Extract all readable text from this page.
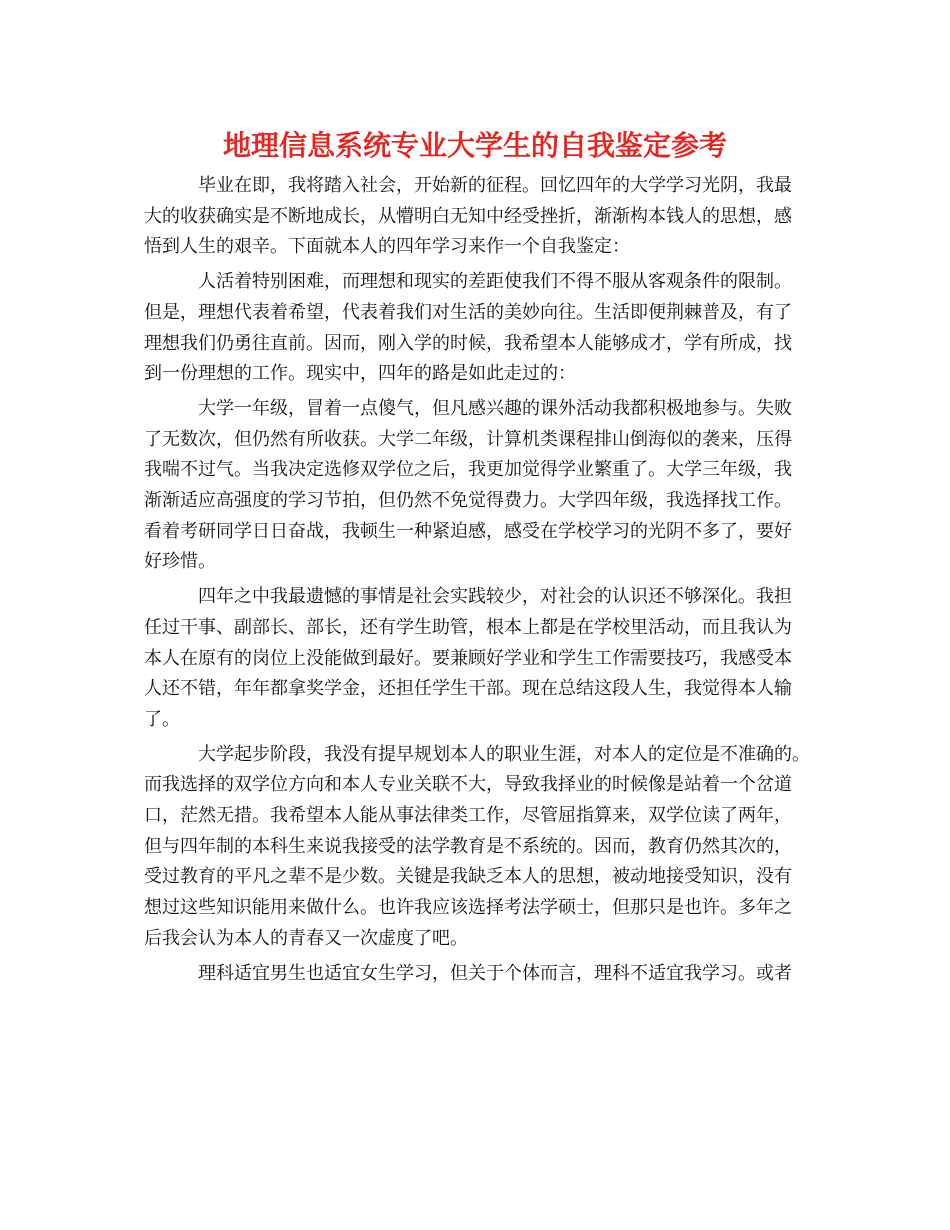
地理信息系统专业大学生的自我鉴定参考
毕业在即，我将踏入社会，开始新的征程。回忆四年的大学学习光阴，我最
大的收获确实是不断地成长，从懵明白无知中经受挫折，渐渐构本钱人的思想，感
悟到人生的艰辛。下面就本人的四年学习来作一个自我鉴定：
人活着特别困难，而理想和现实的差距使我们不得不服从客观条件的限制。
但是，理想代表着希望，代表着我们对生活的美妙向往。生活即便荆棘普及，有了
理想我们仍勇往直前。因而，刚入学的时候，我希望本人能够成才，学有所成，找
到一份理想的工作。现实中，四年的路是如此走过的：
大学一年级，冒着一点傻气，但凡感兴趣的课外活动我都积极地参与。失败
了无数次，但仍然有所收获。大学二年级，计算机类课程排山倒海似的袭来，压得
我喘不过气。当我决定选修双学位之后，我更加觉得学业繁重了。大学三年级，我
渐渐适应高强度的学习节拍，但仍然不免觉得费力。大学四年级，我选择找工作。
看着考研同学日日奋战，我顿生一种紧迫感，感受在学校学习的光阴不多了，要好
好珍惜。
四年之中我最遗憾的事情是社会实践较少，对社会的认识还不够深化。我担
任过干事、副部长、部长，还有学生助管，根本上都是在学校里活动，而且我认为
本人在原有的岗位上没能做到最好。要兼顾好学业和学生工作需要技巧，我感受本
人还不错，年年都拿奖学金，还担任学生干部。现在总结这段人生，我觉得本人输
了。
大学起步阶段，我没有提早规划本人的职业生涯，对本人的定位是不准确的。
而我选择的双学位方向和本人专业关联不大，导致我择业的时候像是站着一个岔道
口，茫然无措。我希望本人能从事法律类工作，尽管屈指算来，双学位读了两年，
但与四年制的本科生来说我接受的法学教育是不系统的。因而，教育仍然其次的，
受过教育的平凡之辈不是少数。关键是我缺乏本人的思想，被动地接受知识，没有
想过这些知识能用来做什么。也许我应该选择考法学硕士，但那只是也许。多年之
后我会认为本人的青春又一次虚度了吧。
理科适宜男生也适宜女生学习，但关于个体而言，理科不适宜我学习。或者
